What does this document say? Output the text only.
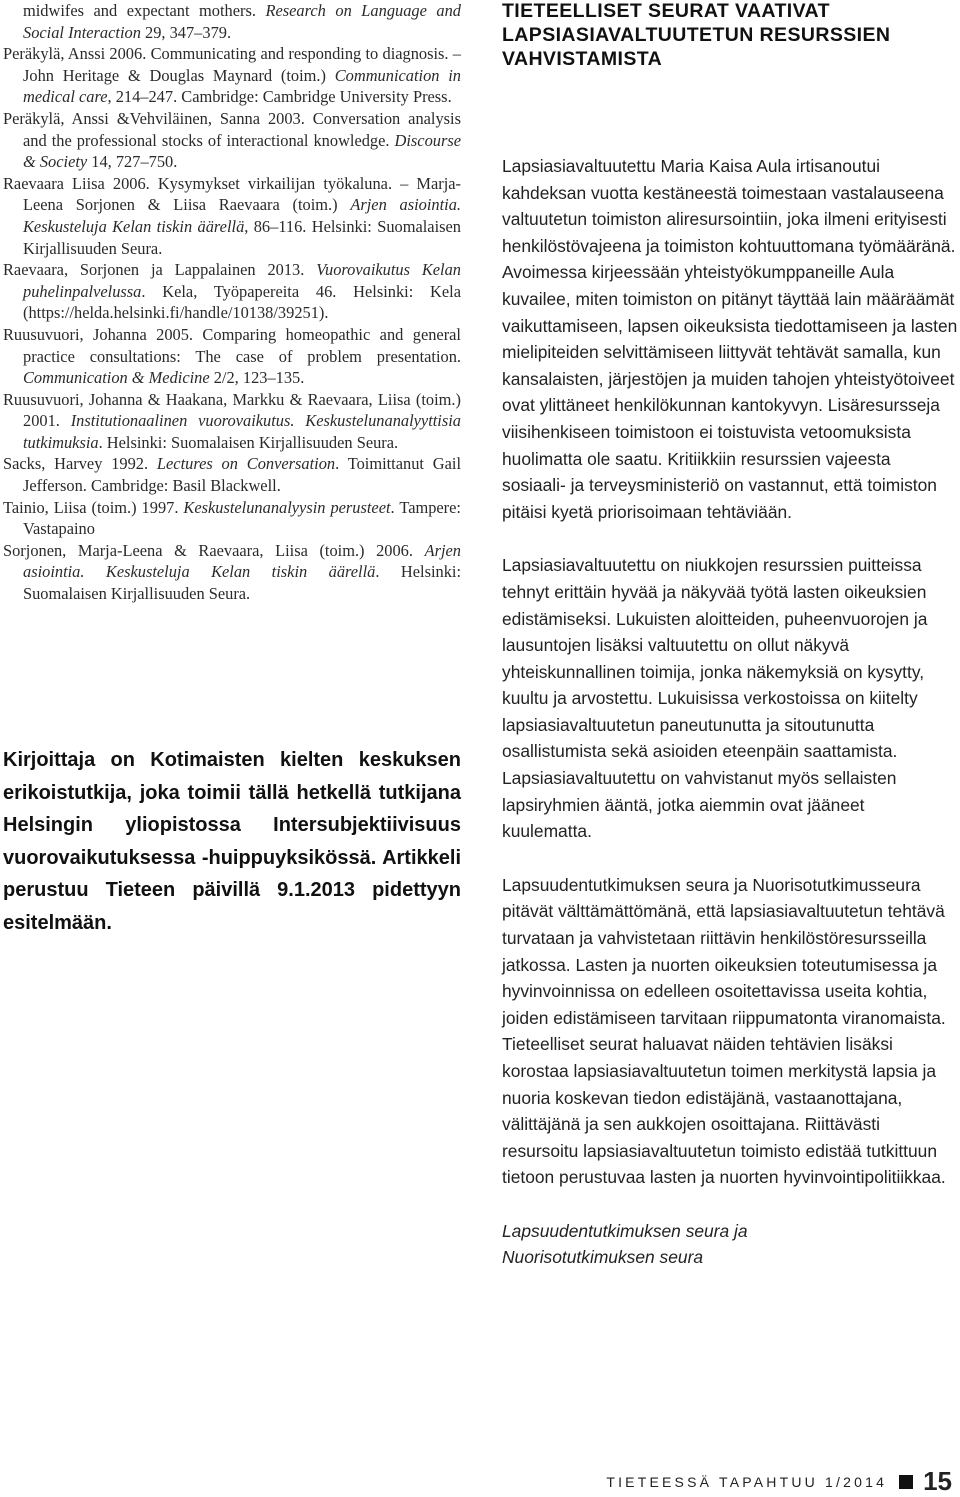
midwifes and expectant mothers. Research on Language and Social Interaction 29, 347–379.

Peräkylä, Anssi 2006. Communicating and responding to diagnosis. – John Heritage & Douglas Maynard (toim.) Communication in medical care, 214–247. Cambridge: Cambridge University Press.

Peräkylä, Anssi &Vehviläinen, Sanna 2003. Conversation analysis and the professional stocks of interactional knowledge. Discourse & Society 14, 727–750.

Raevaara Liisa 2006. Kysymykset virkailijan työkaluna. – Marja-Leena Sorjonen & Liisa Raevaara (toim.) Arjen asiointia. Keskusteluja Kelan tiskin äärellä, 86–116. Helsinki: Suomalaisen Kirjallisuuden Seura.

Raevaara, Sorjonen ja Lappalainen 2013. Vuorovaikutus Kelan puhelinpalvelussa. Kela, Työpapereita 46. Helsinki: Kela (https://helda.helsinki.fi/handle/10138/39251).

Ruusuvuori, Johanna 2005. Comparing homeopathic and general practice consultations: The case of problem presentation. Communication & Medicine 2/2, 123–135.

Ruusuvuori, Johanna & Haakana, Markku & Raevaara, Liisa (toim.) 2001. Institutionaalinen vuorovaikutus. Keskustelunanalyyttisia tutkimuksia. Helsinki: Suomalaisen Kirjallisuuden Seura.

Sacks, Harvey 1992. Lectures on Conversation. Toimittanut Gail Jefferson. Cambridge: Basil Blackwell.

Tainio, Liisa (toim.) 1997. Keskustelunanalyysin perusteet. Tampere: Vastapaino

Sorjonen, Marja-Leena & Raevaara, Liisa (toim.) 2006. Arjen asiointia. Keskusteluja Kelan tiskin äärellä. Helsinki: Suomalaisen Kirjallisuuden Seura.

Kirjoittaja on Kotimaisten kielten keskuksen erikoistutkija, joka toimii tällä hetkellä tutkijana Helsingin yliopistossa Intersubjektiivisuus vuorovaikutuksessa -huippuyksikössä. Artikkeli perustuu Tieteen päivillä 9.1.2013 pidettyyn esitelmään.

TIETEELLISET SEURAT VAATIVAT LAPSIASIAVALTUUTETUN RESURSSIEN VAHVISTAMISTA

Lapsiasiavaltuutettu Maria Kaisa Aula irtisanoutui kahdeksan vuotta kestäneestä toimestaan vastalauseena valtuutetun toimiston aliresursointiin, joka ilmeni erityisesti henkilöstövajeena ja toimiston kohtuuttomana työmääränä. Avoimessa kirjeessään yhteistyökumppaneille Aula kuvailee, miten toimiston on pitänyt täyttää lain määräämät vaikuttamiseen, lapsen oikeuksista tiedottamiseen ja lasten mielipiteiden selvittämiseen liittyvät tehtävät samalla, kun kansalaisten, järjestöjen ja muiden tahojen yhteistyötoiveet ovat ylittäneet henkilökunnan kantokyvyn. Lisäresursseja viisihenkiseen toimistoon ei toistuvista vetoomuksista huolimatta ole saatu. Kritiikkiin resurssien vajeesta sosiaali- ja terveysministeriö on vastannut, että toimiston pitäisi kyetä priorisoimaan tehtäviään.

Lapsiasiavaltuutettu on niukkojen resurssien puitteissa tehnyt erittäin hyvää ja näkyvää työtä lasten oikeuksien edistämiseksi. Lukuisten aloitteiden, puheenvuorojen ja lausuntojen lisäksi valtuutettu on ollut näkyvä yhteiskunnallinen toimija, jonka näkemyksiä on kysytty, kuultu ja arvostettu. Lukuisissa verkostoissa on kiitelty lapsiasiavaltuutetun paneutunutta ja sitoutunutta osallistumista sekä asioiden eteenpäin saattamista. Lapsiasiavaltuutettu on vahvistanut myös sellaisten lapsiryhmien ääntä, jotka aiemmin ovat jääneet kuulematta.

Lapsuudentutkimuksen seura ja Nuorisotutkimusseura pitävät välttämättömänä, että lapsiasiavaltuutetun tehtävä turvataan ja vahvistetaan riittävin henkilöstöresursseilla jatkossa. Lasten ja nuorten oikeuksien toteutumisessa ja hyvinvoinnissa on edelleen osoitettavissa useita kohtia, joiden edistämiseen tarvitaan riippumatonta viranomaista. Tieteelliset seurat haluavat näiden tehtävien lisäksi korostaa lapsiasiavaltuutetun toimen merkitystä lapsia ja nuoria koskevan tiedon edistäjänä, vastaanottajana, välittäjänä ja sen aukkojen osoittajana. Riittävästi resursoitu lapsiasiavaltuutetun toimisto edistää tutkittuun tietoon perustuvaa lasten ja nuorten hyvinvointipolitiikkaa.

Lapsuudentutkimuksen seura ja

Nuorisotutkimuksen seura

TIETEESSÄ TAPAHTUU 1/2014 15
